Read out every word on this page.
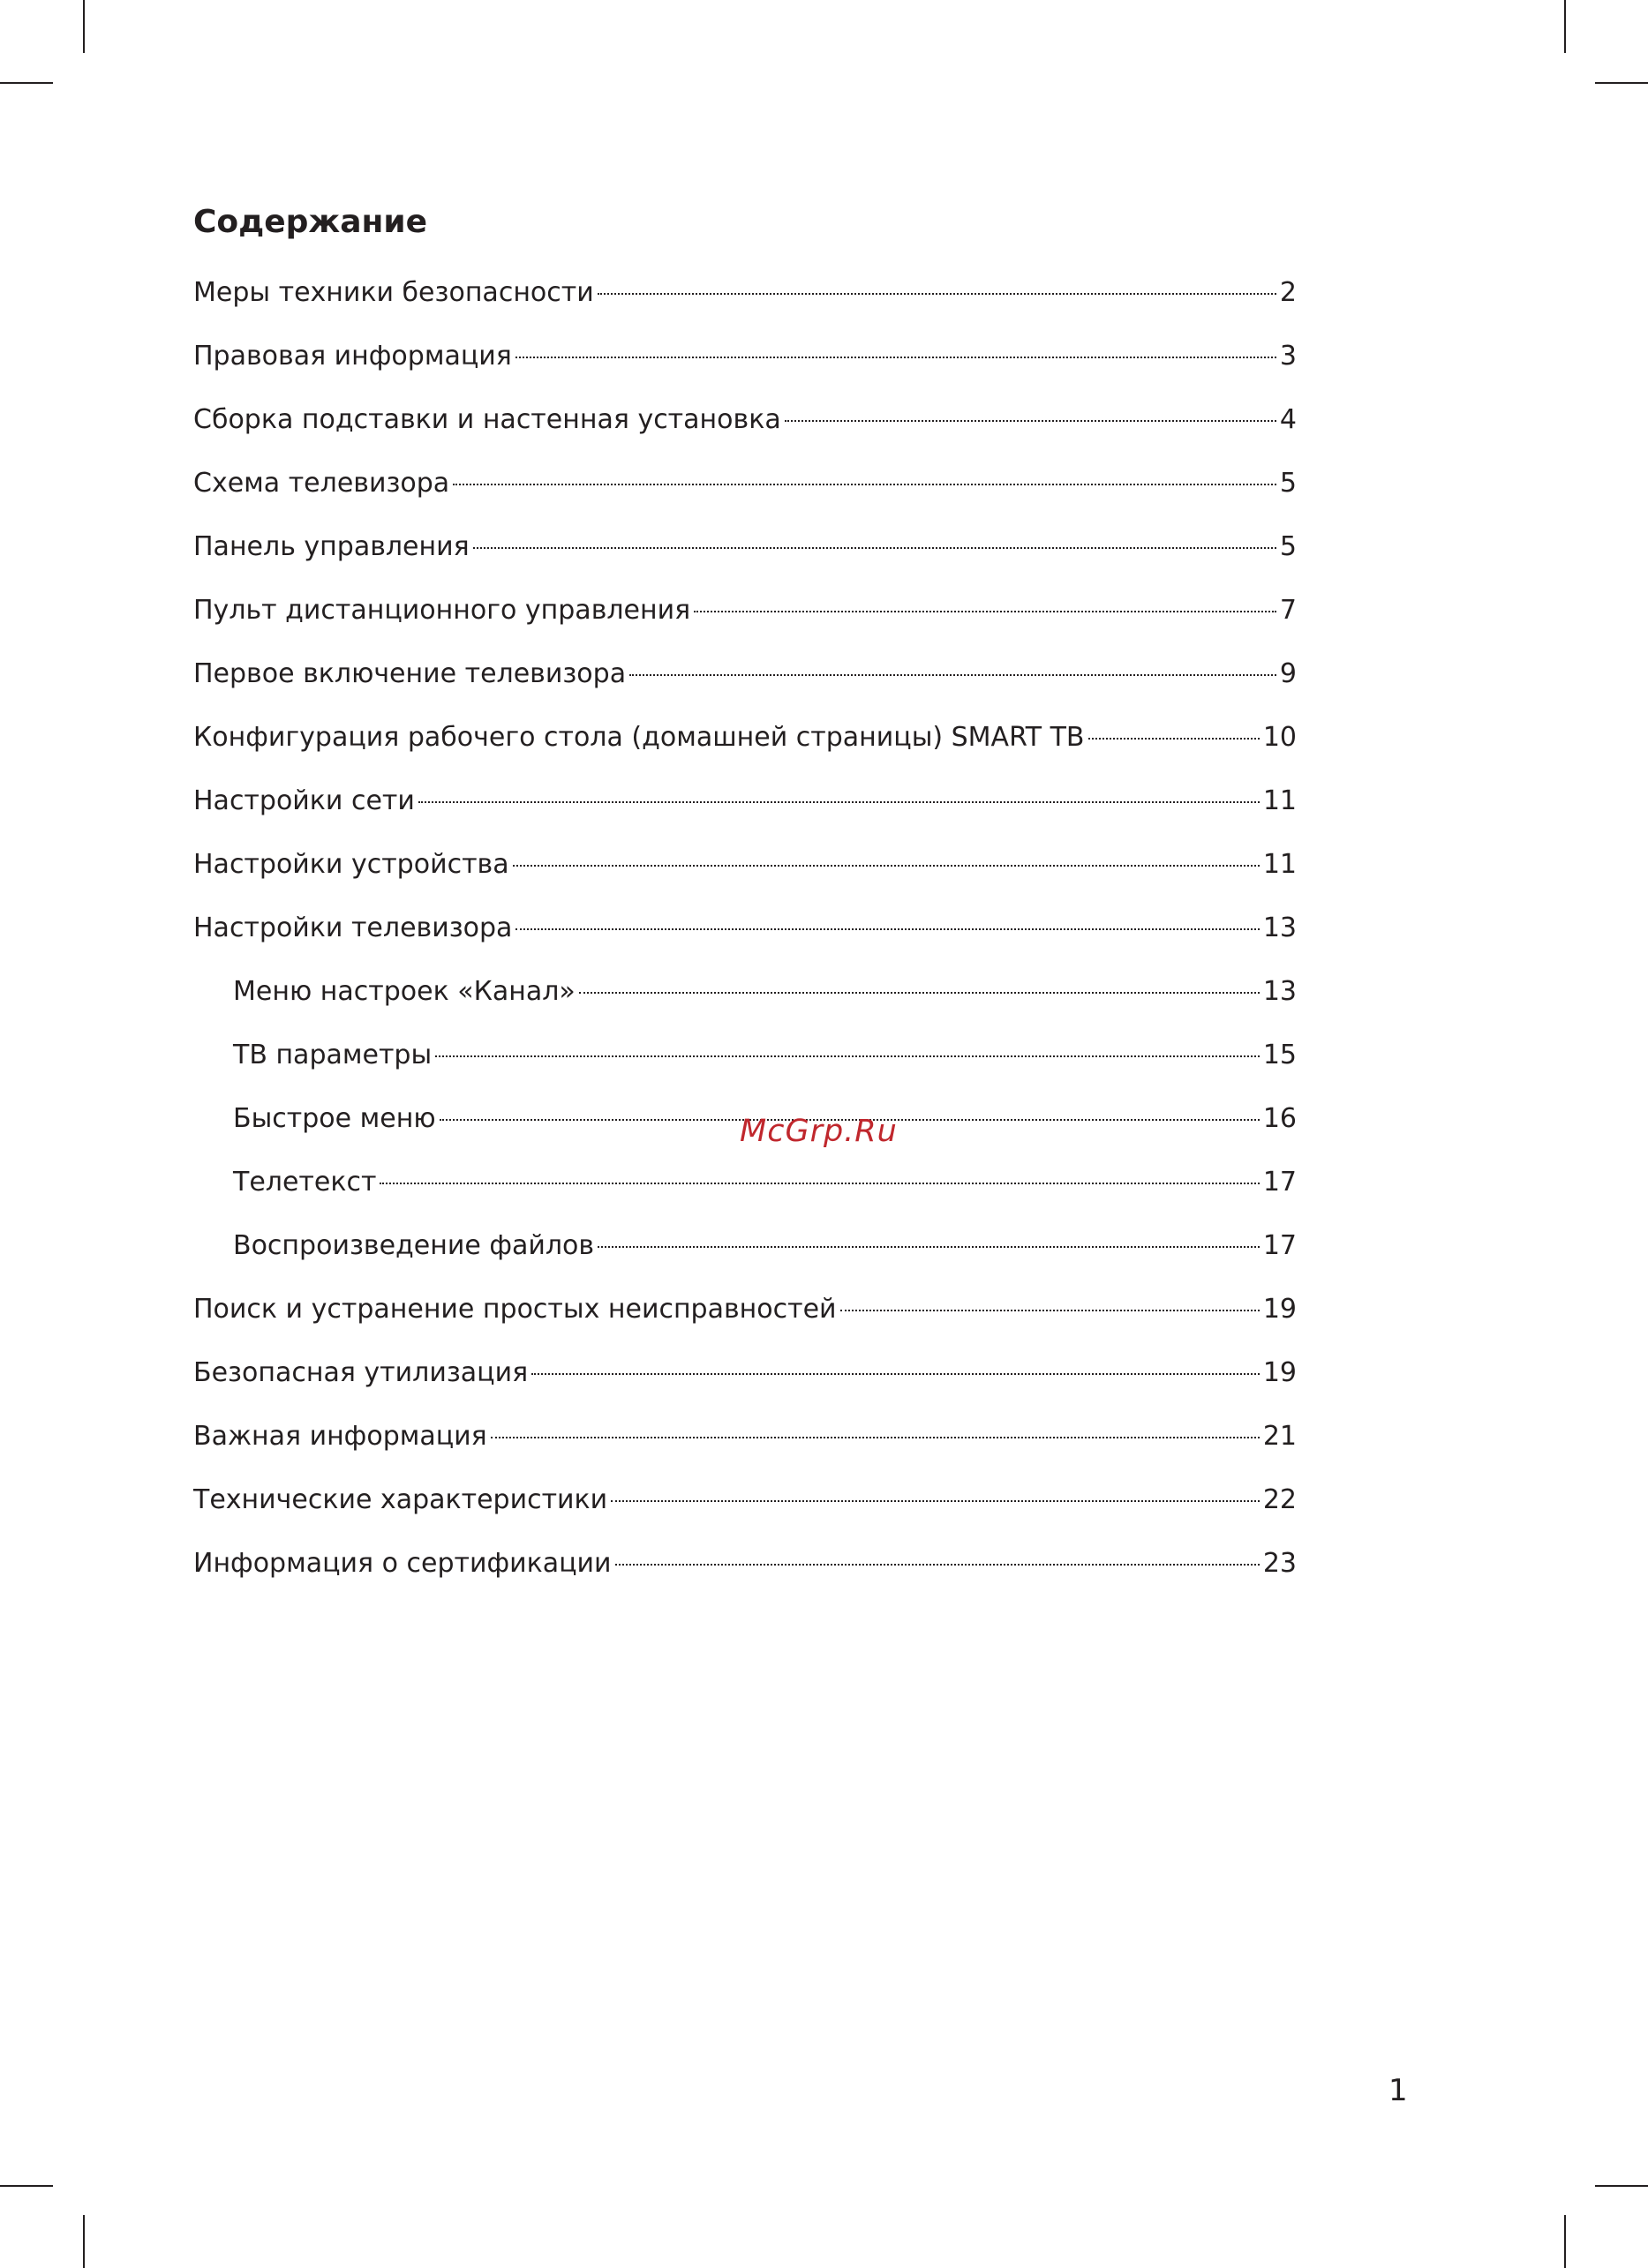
Содержание
Меры техники безопасности	2
Правовая информация	3
Сборка подставки и настенная установка	4
Схема телевизора	5
Панель управления	5
Пульт дистанционного управления	7
Первое включение телевизора	9
Конфигурация рабочего стола (домашней страницы) SMART ТВ	10
Настройки сети	11
Настройки устройства	11
Настройки телевизора	13
Меню настроек «Канал»	13
ТВ параметры	15
Быстрое меню	16
Телетекст	17
Воспроизведение файлов	17
Поиск и устранение простых неисправностей	19
Безопасная утилизация	19
Важная информация	21
Технические характеристики	22
Информация о сертификации	23
McGrp.Ru
1
